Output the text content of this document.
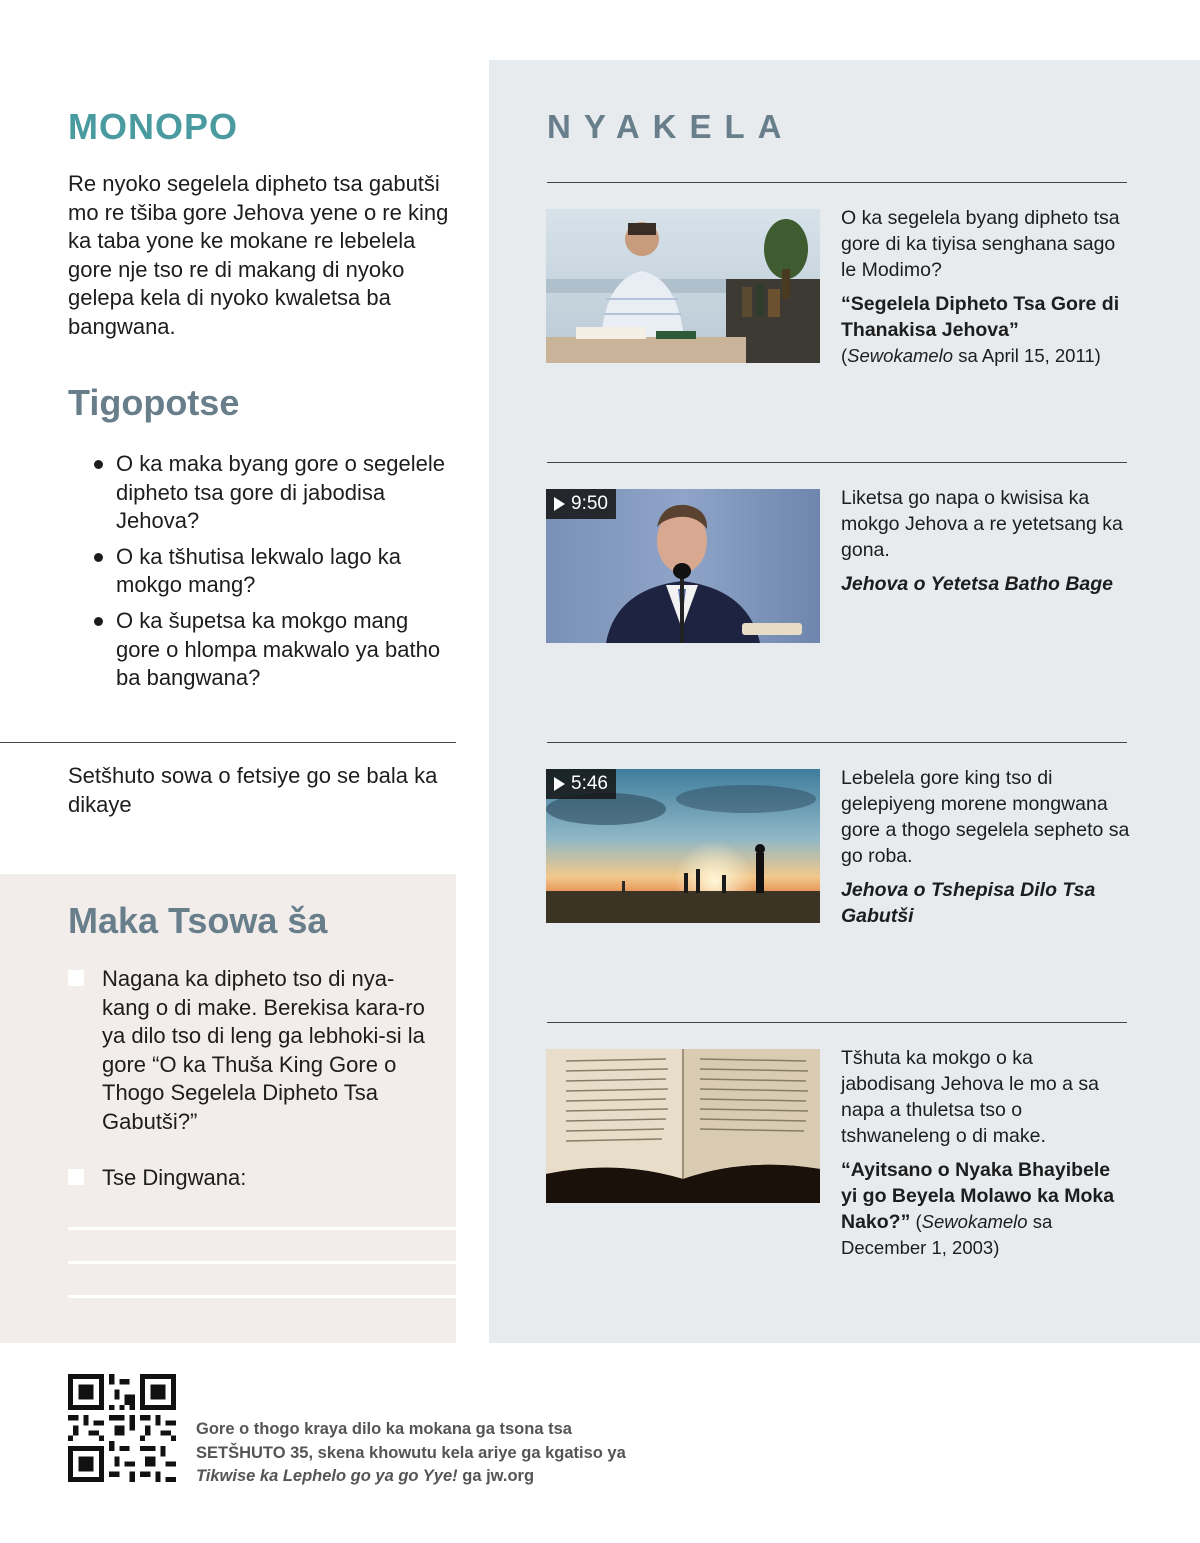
MONOPO

Re nyoko segelela dipheto tsa gabutši mo re tšiba gore Jehova yene o re king ka taba yone ke mokane re lebelela gore nje tso re di makang di nyoko gelepa kela di nyoko kwaletsa ba bangwana.

Tigopotse
O ka maka byang gore o segelele dipheto tsa gore di jabodisa Jehova?
O ka tšhutisa lekwalo lago ka mokgo mang?
O ka šupetsa ka mokgo mang gore o hlompa makwalo ya batho ba bangwana?

Setšhuto sowa o fetsiye go se bala ka dikaye

Maka Tsowa ša
Nagana ka dipheto tso di nya-kang o di make. Berekisa kara-ro ya dilo tso di leng ga lebhoki-si la gore “O ka Thuša King Gore o Thogo Segelela Dipheto Tsa Gabutši?”
Tse Dingwana:
NYAKELA
O ka segelela byang dipheto tsa gore di ka tiyisa senghana sago le Modimo?
“Segelela Dipheto Tsa Gore di Thanakisa Jehova”
(Sewokamelo sa April 15, 2011)
9:50	Liketsa go napa o kwisisa ka mokgo Jehova a re yetetsang ka gona.
Jehova o Yetetsa Batho Bage
5:46	Lebelela gore king tso di gelepiyeng morene mongwana gore a thogo segelela sepheto sa go roba.
Jehova o Tshepisa Dilo Tsa Gabutši
Tšhuta ka mokgo o ka jabodisang Jehova le mo a sa napa a thuletsa tso o tshwaneleng o di make.
“Ayitsano o Nyaka Bhayibele yi go Beyela Molawo ka Moka Nako?” (Sewokamelo sa December 1, 2003)
Gore o thogo kraya dilo ka mokana ga tsona tsa
SETŠHUTO 35, skena khowutu kela ariye ga kgatiso ya
Tikwise ka Lephelo go ya go Yye! ga jw.org
